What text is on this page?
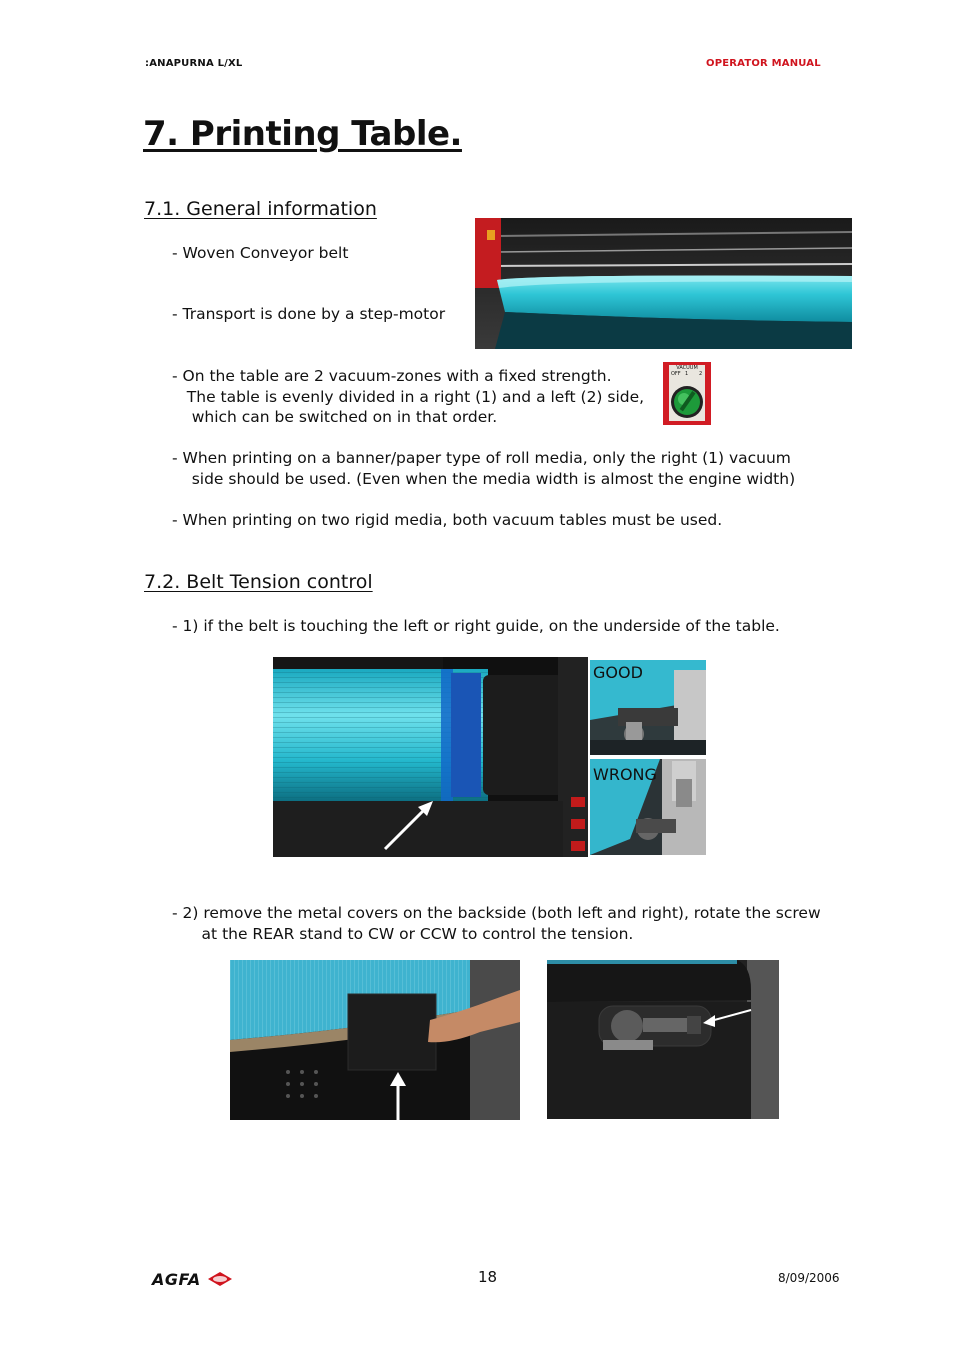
:ANAPURNA L/XL	OPERATOR MANUAL
7. Printing Table.
7.1. General information
- Woven Conveyor belt
- Transport is done by a step-motor
- On the table are 2 vacuum-zones with a fixed strength.
The table is evenly divided in a right (1) and a left (2) side,
which can be switched on in that order.
VACUUM
OFF 1 2
- When printing on a banner/paper type of roll media, only the right (1) vacuum
side should be used. (Even when the media width is almost the engine width)
- When printing on two rigid media, both vacuum tables must be used.
7.2. Belt Tension control
- 1) if the belt is touching the left or right guide, on the underside of the table.
GOOD
WRONG
- 2) remove the metal covers on the backside (both left and right), rotate the screw
at the REAR stand to CW or CCW to control the tension.
AGFA	18	8/09/2006
